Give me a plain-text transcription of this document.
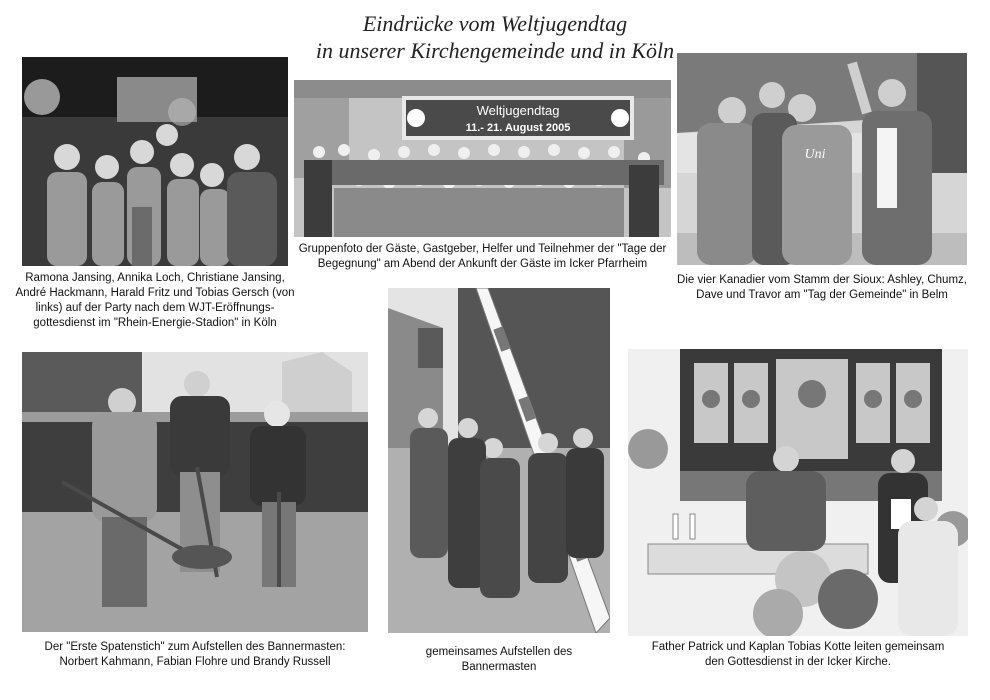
Eindrücke vom Weltjugendtag
in unserer Kirchengemeinde und in Köln
Ramona Jansing, Annika Loch, Christiane Jansing,
André Hackmann, Harald Fritz und Tobias Gersch (von
links) auf der Party nach dem WJT-Eröffnungs-
gottesdienst im "Rhein-Energie-Stadion" in Köln
Weltjugendtag
11.- 21. August 2005
Gruppenfoto der Gäste, Gastgeber, Helfer und Teilnehmer der "Tage der
Begegnung" am Abend der Ankunft der Gäste im Icker Pfarrheim
Uni
Die vier Kanadier vom Stamm der Sioux: Ashley, Chumz,
Dave und Travor am "Tag der Gemeinde" in Belm
Der "Erste Spatenstich" zum Aufstellen des Bannermasten:
Norbert Kahmann, Fabian Flohre und Brandy Russell
gemeinsames Aufstellen des Bannermasten
Father Patrick und Kaplan Tobias Kotte leiten gemeinsam
den Gottesdienst in der Icker Kirche.
